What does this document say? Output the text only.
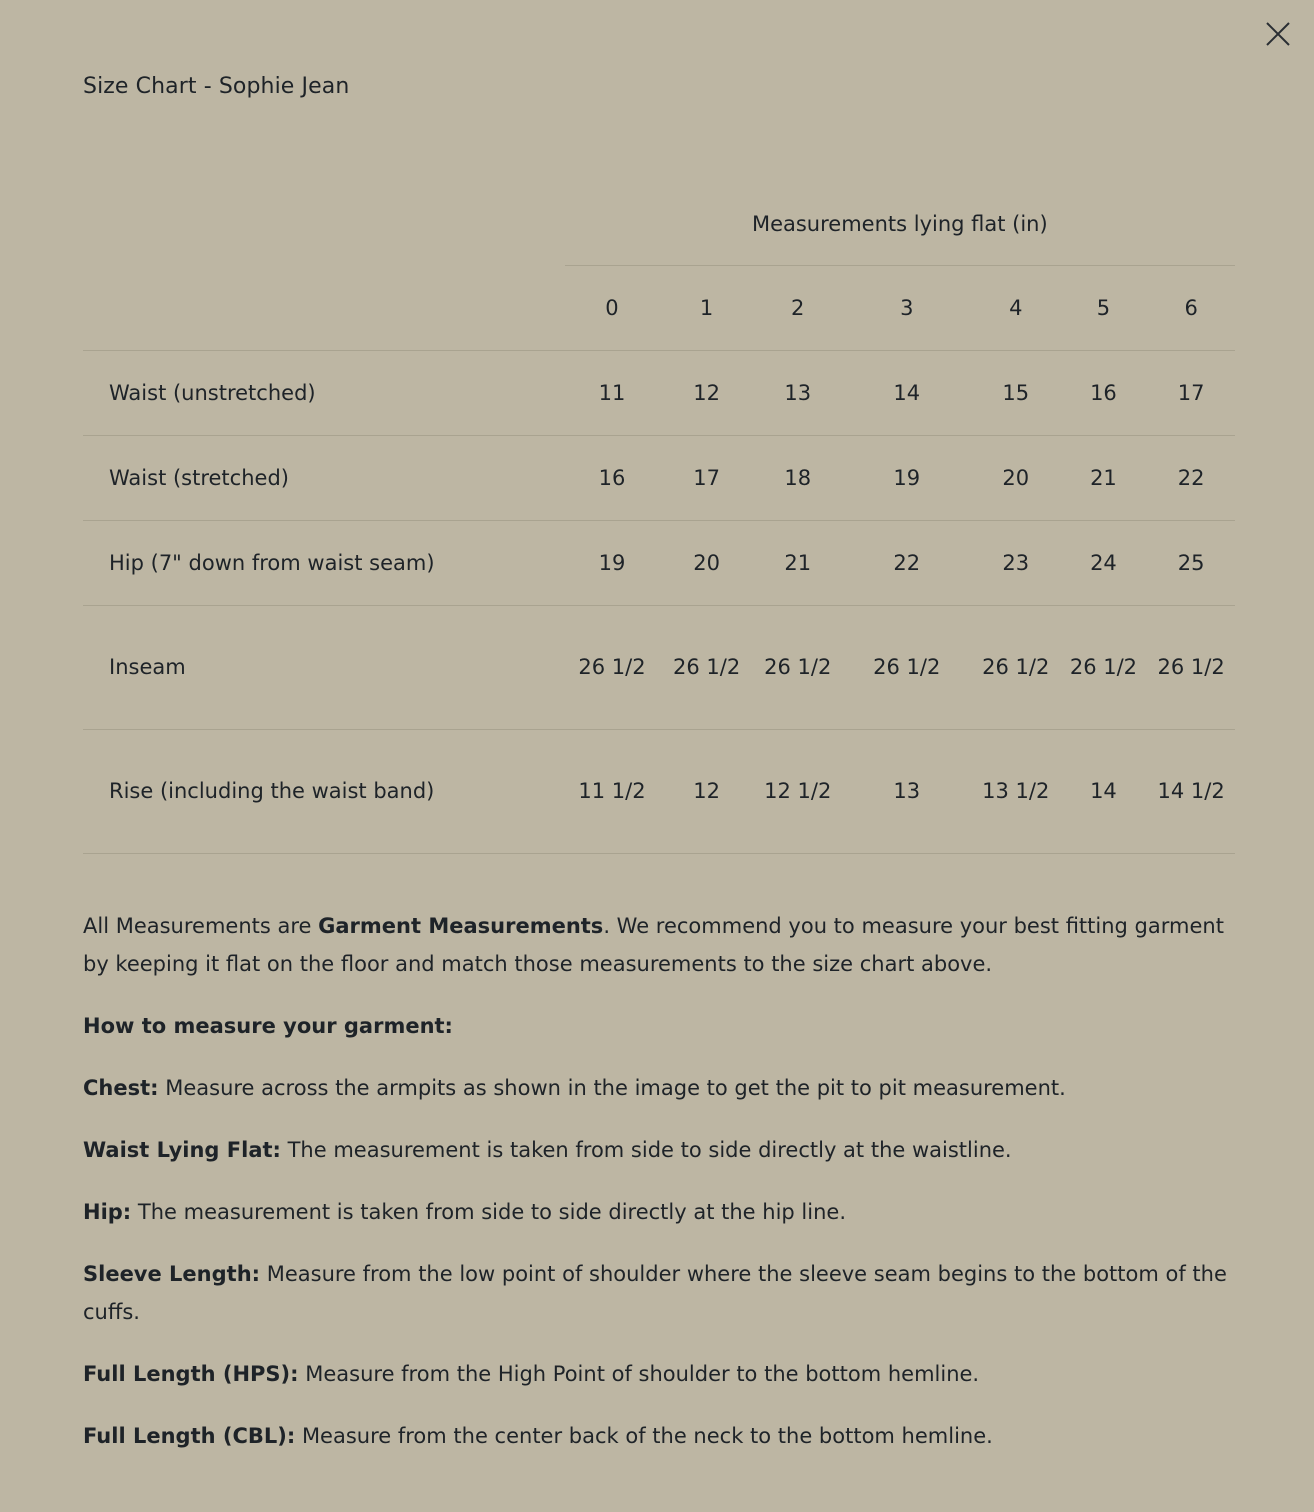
Size Chart - Sophie Jean
	Measurements lying flat (in)						
	0	1	2	3	4	5	6
Waist (unstretched)	11	12	13	14	15	16	17
Waist (stretched)	16	17	18	19	20	21	22
Hip (7" down from waist seam)	19	20	21	22	23	24	25
Inseam	26 1/2	26 1/2	26 1/2	26 1/2	26 1/2	26 1/2	26 1/2
Rise (including the waist band)	11 1/2	12	12 1/2	13	13 1/2	14	14 1/2

All Measurements are Garment Measurements. We recommend you to measure your best fitting garment by keeping it flat on the floor and match those measurements to the size chart above.

How to measure your garment:

Chest: Measure across the armpits as shown in the image to get the pit to pit measurement.

Waist Lying Flat: The measurement is taken from side to side directly at the waistline.

Hip: The measurement is taken from side to side directly at the hip line.

Sleeve Length: Measure from the low point of shoulder where the sleeve seam begins to the bottom of the cuffs.

Full Length (HPS): Measure from the High Point of shoulder to the bottom hemline.

Full Length (CBL): Measure from the center back of the neck to the bottom hemline.
